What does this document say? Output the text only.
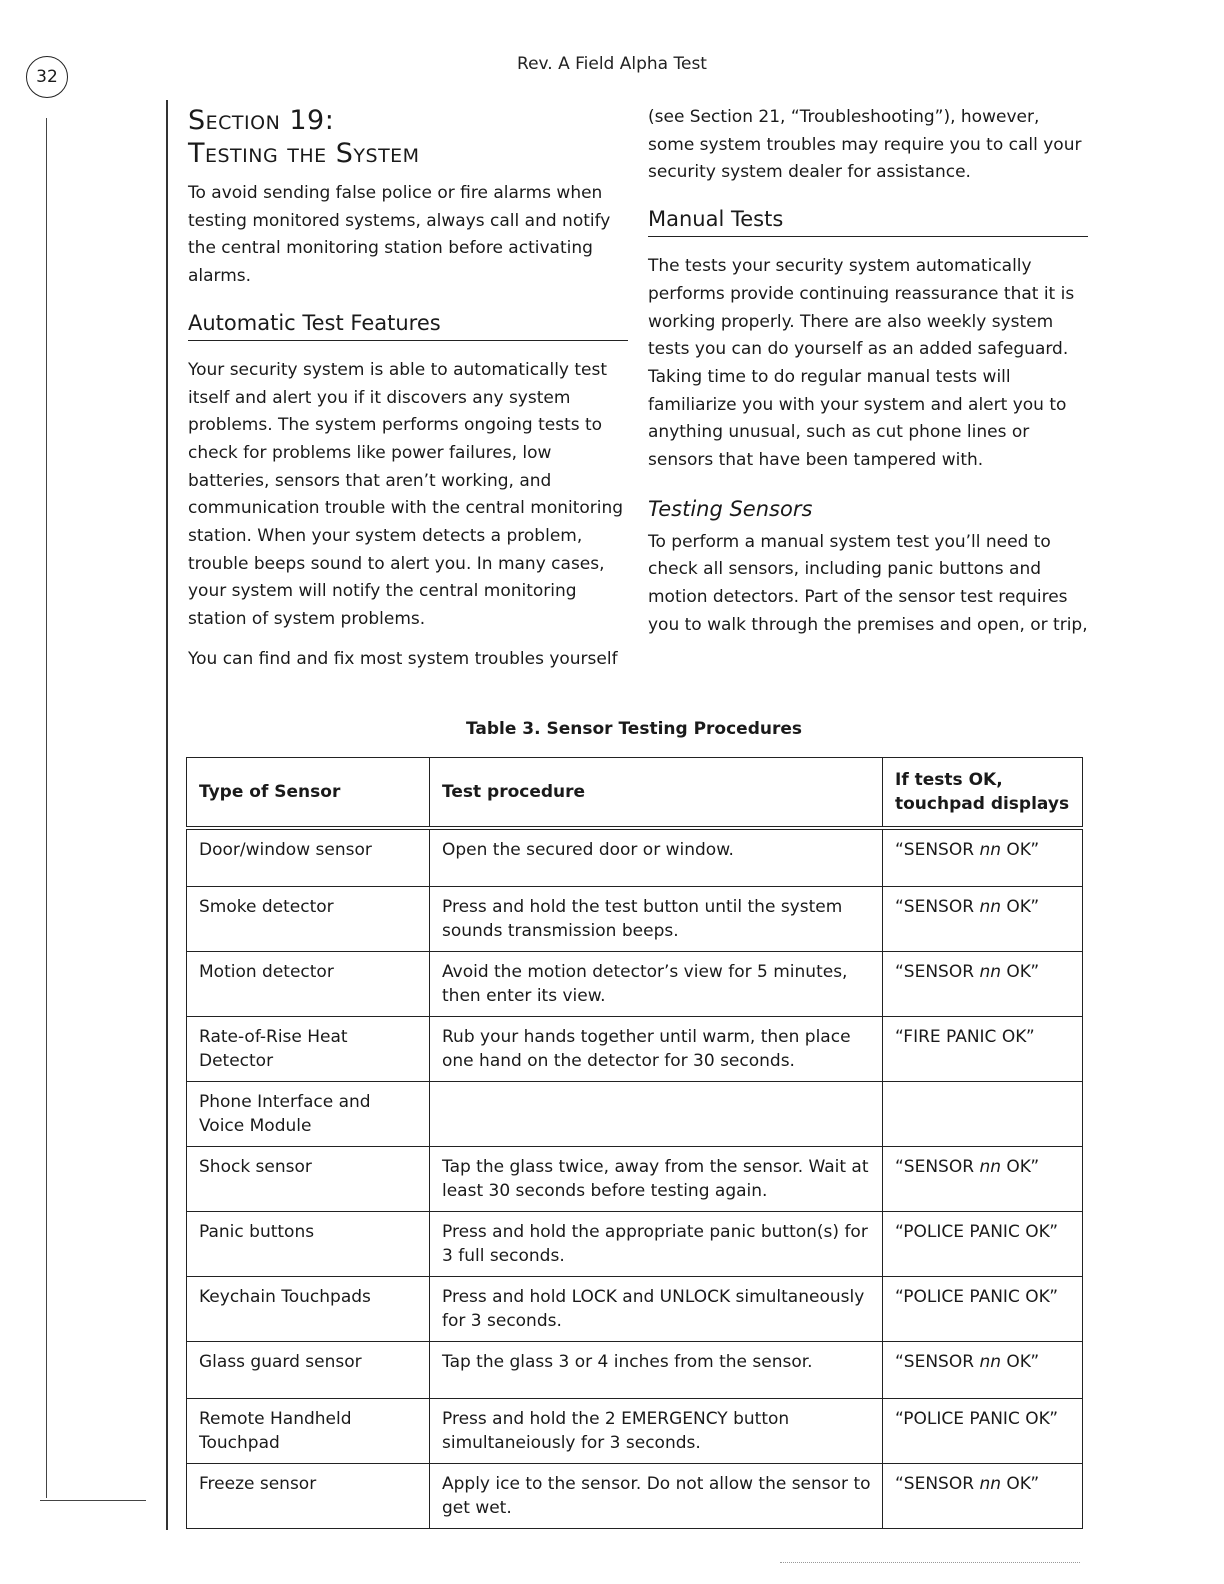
32
Rev. A Field Alpha Test
Section 19:
Testing the System

To avoid sending false police or fire alarms when testing monitored systems, always call and notify the central monitoring station before activating alarms.

Automatic Test Features

Your security system is able to automatically test itself and alert you if it discovers any system problems. The system performs ongoing tests to check for problems like power failures, low batteries, sensors that aren’t working, and communication trouble with the central monitoring station. When your system detects a problem, trouble beeps sound to alert you. In many cases, your system will notify the central monitoring station of system problems.

You can find and fix most system troubles yourself

(see Section 21, “Troubleshooting”), however, some system troubles may require you to call your security system dealer for assistance.

Manual Tests

The tests your security system automatically performs provide continuing reassurance that it is working properly. There are also weekly system tests you can do yourself as an added safeguard. Taking time to do regular manual tests will familiarize you with your system and alert you to anything unusual, such as cut phone lines or sensors that have been tampered with.

Testing Sensors

To perform a manual system test you’ll need to check all sensors, including panic buttons and motion detectors. Part of the sensor test requires you to walk through the premises and open, or trip,

Table 3. Sensor Testing Procedures
Type of Sensor	Test procedure	If tests OK, touchpad displays
Door/window sensor	Open the secured door or window.	“SENSOR nn OK”
Smoke detector	Press and hold the test button until the system sounds transmission beeps.	“SENSOR nn OK”
Motion detector	Avoid the motion detector’s view for 5 minutes, then enter its view.	“SENSOR nn OK”
Rate-of-Rise Heat Detector	Rub your hands together until warm, then place one hand on the detector for 30 seconds.	“FIRE PANIC OK”
Phone Interface and Voice Module		
Shock sensor	Tap the glass twice, away from the sensor. Wait at least 30 seconds before testing again.	“SENSOR nn OK”
Panic buttons	Press and hold the appropriate panic button(s) for 3 full seconds.	“POLICE PANIC OK”
Keychain Touchpads	Press and hold LOCK and UNLOCK simultaneously for 3 seconds.	“POLICE PANIC OK”
Glass guard sensor	Tap the glass 3 or 4 inches from the sensor.	“SENSOR nn OK”
Remote Handheld Touchpad	Press and hold the 2 EMERGENCY button simultaneiously for 3 seconds.	“POLICE PANIC OK”
Freeze sensor	Apply ice to the sensor. Do not allow the sensor to get wet.	“SENSOR nn OK”
